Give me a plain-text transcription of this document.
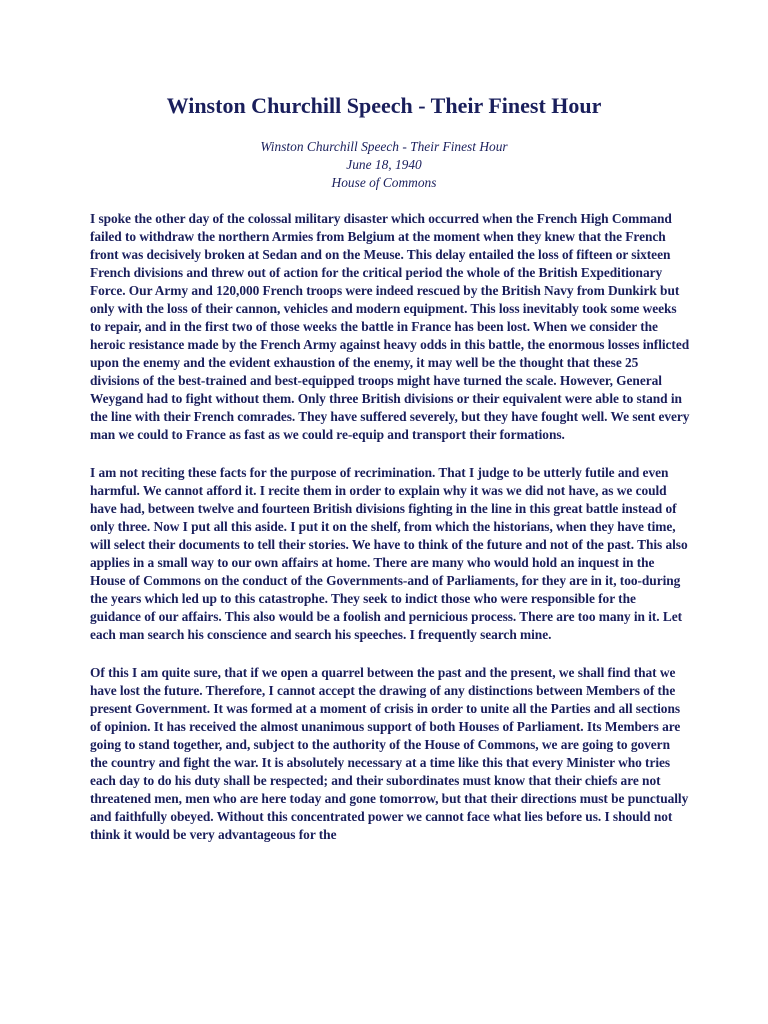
Winston Churchill Speech - Their Finest Hour
Winston Churchill Speech - Their Finest Hour
June 18, 1940
House of Commons

I spoke the other day of the colossal military disaster which occurred when the French High Command failed to withdraw the northern Armies from Belgium at the moment when they knew that the French front was decisively broken at Sedan and on the Meuse. This delay entailed the loss of fifteen or sixteen French divisions and threw out of action for the critical period the whole of the British Expeditionary Force. Our Army and 120,000 French troops were indeed rescued by the British Navy from Dunkirk but only with the loss of their cannon, vehicles and modern equipment. This loss inevitably took some weeks to repair, and in the first two of those weeks the battle in France has been lost. When we consider the heroic resistance made by the French Army against heavy odds in this battle, the enormous losses inflicted upon the enemy and the evident exhaustion of the enemy, it may well be the thought that these 25 divisions of the best-trained and best-equipped troops might have turned the scale. However, General Weygand had to fight without them. Only three British divisions or their equivalent were able to stand in the line with their French comrades. They have suffered severely, but they have fought well. We sent every man we could to France as fast as we could re-equip and transport their formations.

I am not reciting these facts for the purpose of recrimination. That I judge to be utterly futile and even harmful. We cannot afford it. I recite them in order to explain why it was we did not have, as we could have had, between twelve and fourteen British divisions fighting in the line in this great battle instead of only three. Now I put all this aside. I put it on the shelf, from which the historians, when they have time, will select their documents to tell their stories. We have to think of the future and not of the past. This also applies in a small way to our own affairs at home. There are many who would hold an inquest in the House of Commons on the conduct of the Governments-and of Parliaments, for they are in it, too-during the years which led up to this catastrophe. They seek to indict those who were responsible for the guidance of our affairs. This also would be a foolish and pernicious process. There are too many in it. Let each man search his conscience and search his speeches. I frequently search mine.

Of this I am quite sure, that if we open a quarrel between the past and the present, we shall find that we have lost the future. Therefore, I cannot accept the drawing of any distinctions between Members of the present Government. It was formed at a moment of crisis in order to unite all the Parties and all sections of opinion. It has received the almost unanimous support of both Houses of Parliament. Its Members are going to stand together, and, subject to the authority of the House of Commons, we are going to govern the country and fight the war. It is absolutely necessary at a time like this that every Minister who tries each day to do his duty shall be respected; and their subordinates must know that their chiefs are not threatened men, men who are here today and gone tomorrow, but that their directions must be punctually and faithfully obeyed. Without this concentrated power we cannot face what lies before us. I should not think it would be very advantageous for the
